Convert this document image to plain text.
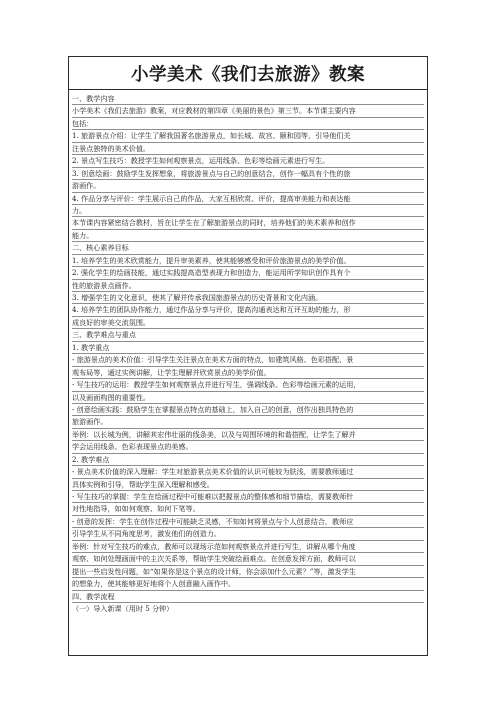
小学美术《我们去旅游》教案
一、教学内容
小学美术《我们去旅游》教案，对应教材的第四章《美丽的景色》第三节。本节课主要内容
包括：
1. 旅游景点介绍：让学生了解我国著名旅游景点，如长城、故宫、颐和园等，引导他们关
注景点独特的美术价值。
2. 景点写生技巧：教授学生如何观察景点，运用线条、色彩等绘画元素进行写生。
3. 创意绘画：鼓励学生发挥想象，将旅游景点与自己的创意结合，创作一幅具有个性的旅
游画作。
4. 作品分享与评价：学生展示自己的作品，大家互相欣赏、评价，提高审美能力和表达能
力。
本节课内容紧密结合教材，旨在让学生在了解旅游景点的同时，培养他们的美术素养和创作
能力。
二、核心素养目标
1. 培养学生的美术欣赏能力，提升审美素养，使其能够感受和评价旅游景点的美学价值。
2. 强化学生的绘画技能，通过实践提高造型表现力和创造力，能运用所学知识创作具有个
性的旅游景点画作。
3. 增强学生的文化意识，使其了解并传承我国旅游景点的历史背景和文化内涵。
4. 培养学生的团队协作能力，通过作品分享与评价，提高沟通表达和互评互助的能力，形
成良好的审美交流氛围。
三、教学难点与重点
1. 教学重点
- 旅游景点的美术价值：引导学生关注景点在美术方面的特点，如建筑风格、色彩搭配、景
观布局等，通过实例讲解，让学生理解并欣赏景点的美学价值。
- 写生技巧的运用：教授学生如何观察景点并进行写生，强调线条、色彩等绘画元素的运用，
以及画面构图的重要性。
- 创意绘画实践：鼓励学生在掌握景点特点的基础上，加入自己的创意，创作出独具特色的
旅游画作。
举例：以长城为例，讲解其宏伟壮丽的线条美，以及与周围环境的和谐搭配，让学生了解并
学会运用线条、色彩表现景点的美感。
2. 教学难点
- 景点美术价值的深入理解：学生对旅游景点美术价值的认识可能较为肤浅，需要教师通过
具体实例和引导，帮助学生深入理解和感受。
- 写生技巧的掌握：学生在绘画过程中可能难以把握景点的整体感和细节描绘，需要教师针
对性地指导，如如何观察、如何下笔等。
- 创意的发挥：学生在创作过程中可能缺乏灵感，不知如何将景点与个人创意结合，教师应
引导学生从不同角度思考，激发他们的创造力。
举例：针对写生技巧的难点，教师可以现场示范如何观察景点并进行写生，讲解从哪个角度
观察、如何处理画面中的主次关系等，帮助学生突破绘画难点。在创意发挥方面，教师可以
提出一些启发性问题，如“如果你是这个景点的设计师，你会添加什么元素？”等，激发学生
的想象力，使其能够更好地将个人创意融入画作中。
四、教学流程
（一）导入新课（用时 5 分钟）
